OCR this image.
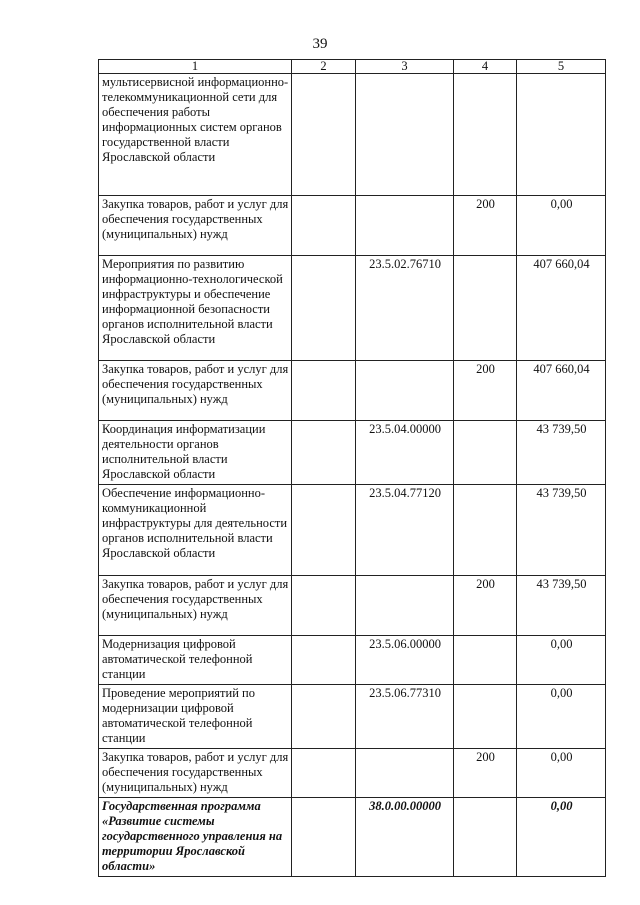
39
1	2	3	4	5
мультисервисной информационно-телекоммуникационной сети для обеспечения работы информационных систем органов государственной власти Ярославской области				
Закупка товаров, работ и услуг для обеспечения государственных (муниципальных) нужд			200	0,00
Мероприятия по развитию информационно-технологической инфраструктуры и обеспечение информационной безопасности органов исполнительной власти Ярославской области		23.5.02.76710		407 660,04
Закупка товаров, работ и услуг для обеспечения государственных (муниципальных) нужд			200	407 660,04
Координация информатизации деятельности органов исполнительной власти Ярославской области		23.5.04.00000		43 739,50
Обеспечение информационно-коммуникационной инфраструктуры для деятельности органов исполнительной власти Ярославской области		23.5.04.77120		43 739,50
Закупка товаров, работ и услуг для обеспечения государственных (муниципальных) нужд			200	43 739,50
Модернизация цифровой автоматической телефонной станции		23.5.06.00000		0,00
Проведение мероприятий по модернизации цифровой автоматической телефонной станции		23.5.06.77310		0,00
Закупка товаров, работ и услуг для обеспечения государственных (муниципальных) нужд			200	0,00
Государственная программа «Развитие системы государственного управления на территории Ярославской области»		38.0.00.00000		0,00
